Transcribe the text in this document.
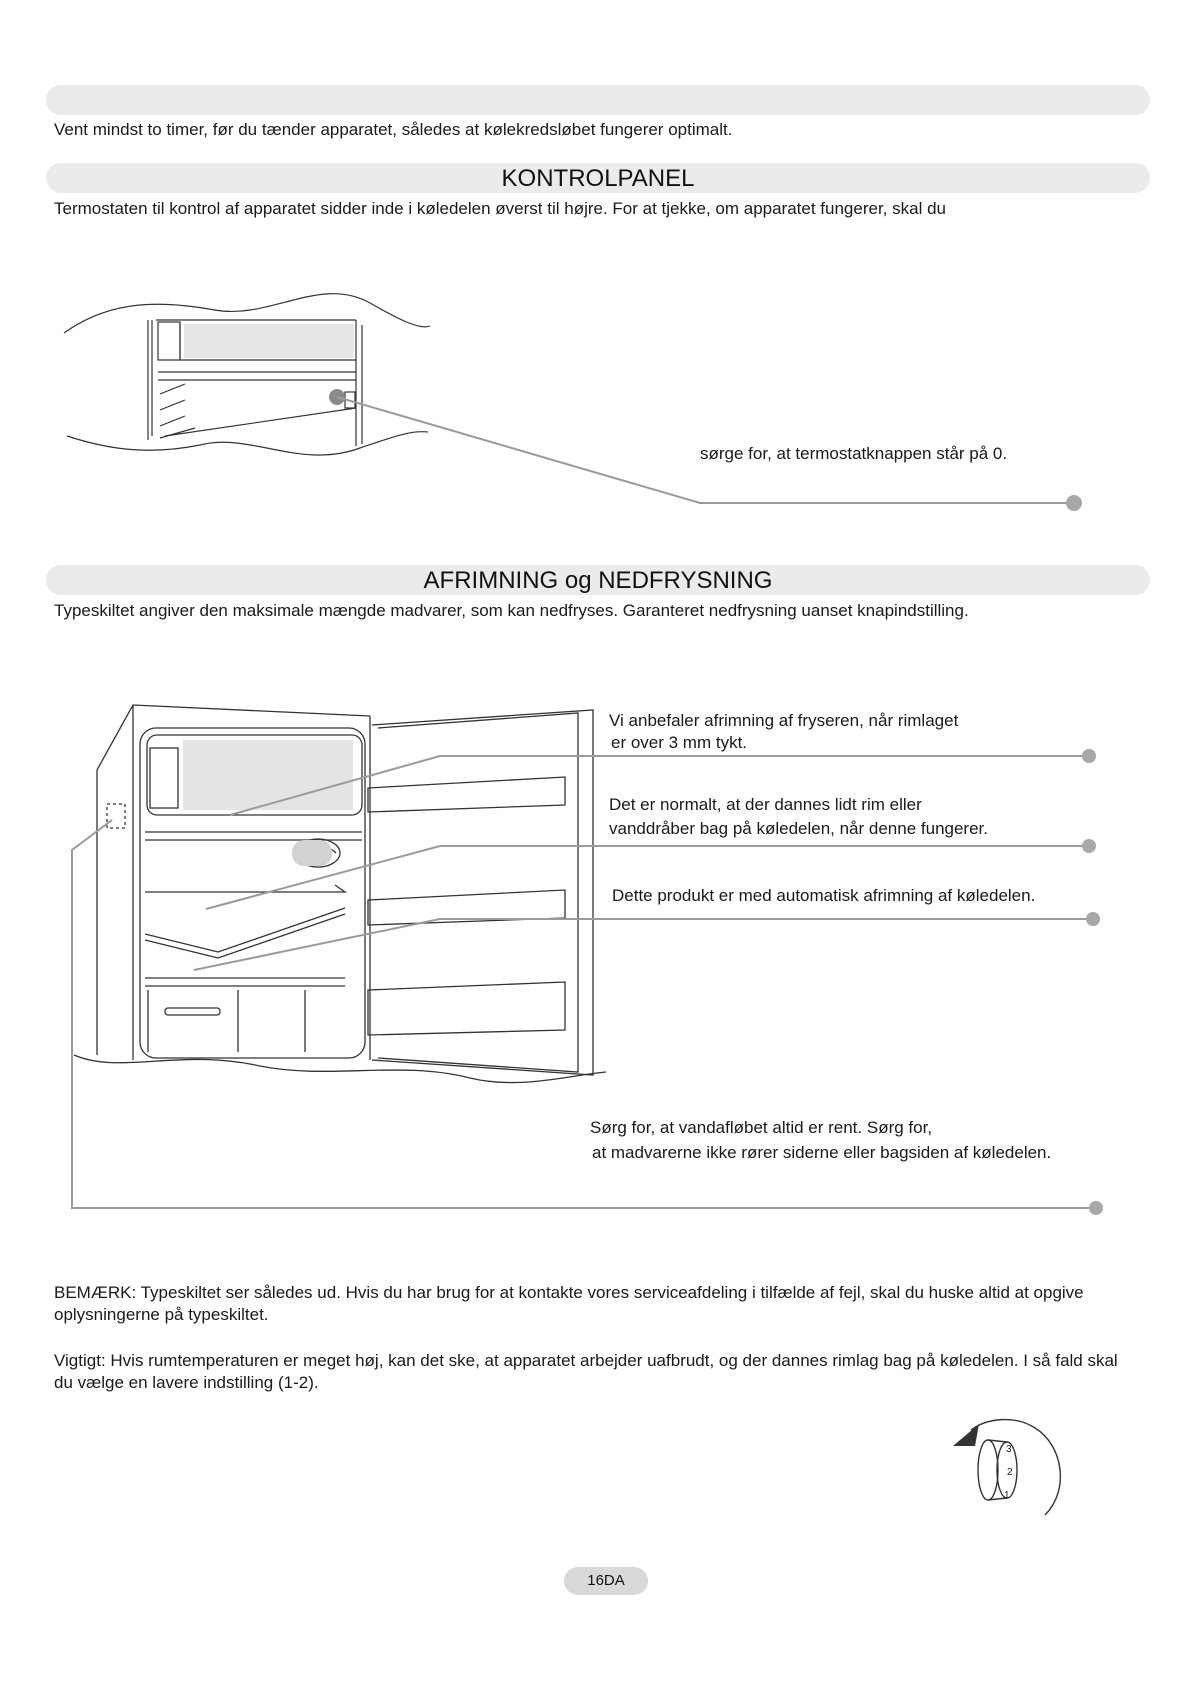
Vent mindst to timer, før du tænder apparatet, således at kølekredsløbet fungerer optimalt.
KONTROLPANEL
Termostaten til kontrol af apparatet sidder inde i køledelen øverst til højre. For at tjekke, om apparatet fungerer, skal du
sørge for, at termostatknappen står på 0.
AFRIMNING og NEDFRYSNING
Typeskiltet angiver den maksimale mængde madvarer, som kan nedfryses. Garanteret nedfrysning uanset knapindstilling.
Vi anbefaler afrimning af fryseren, når rimlaget
er over 3 mm tykt.
Det er normalt, at der dannes lidt rim eller
vanddråber bag på køledelen, når denne fungerer.
Dette produkt er med automatisk afrimning af køledelen.
Sørg for, at vandafløbet altid er rent. Sørg for,
at madvarerne ikke rører siderne eller bagsiden af køledelen.
BEMÆRK: Typeskiltet ser således ud. Hvis du har brug for at kontakte vores serviceafdeling i tilfælde af fejl, skal du huske altid at opgive oplysningerne på typeskiltet.
Vigtigt: Hvis rumtemperaturen er meget høj, kan det ske, at apparatet arbejder uafbrudt, og der dannes rimlag bag på køledelen. I så fald skal du vælge en lavere indstilling (1-2).
3
2
1
16DA
